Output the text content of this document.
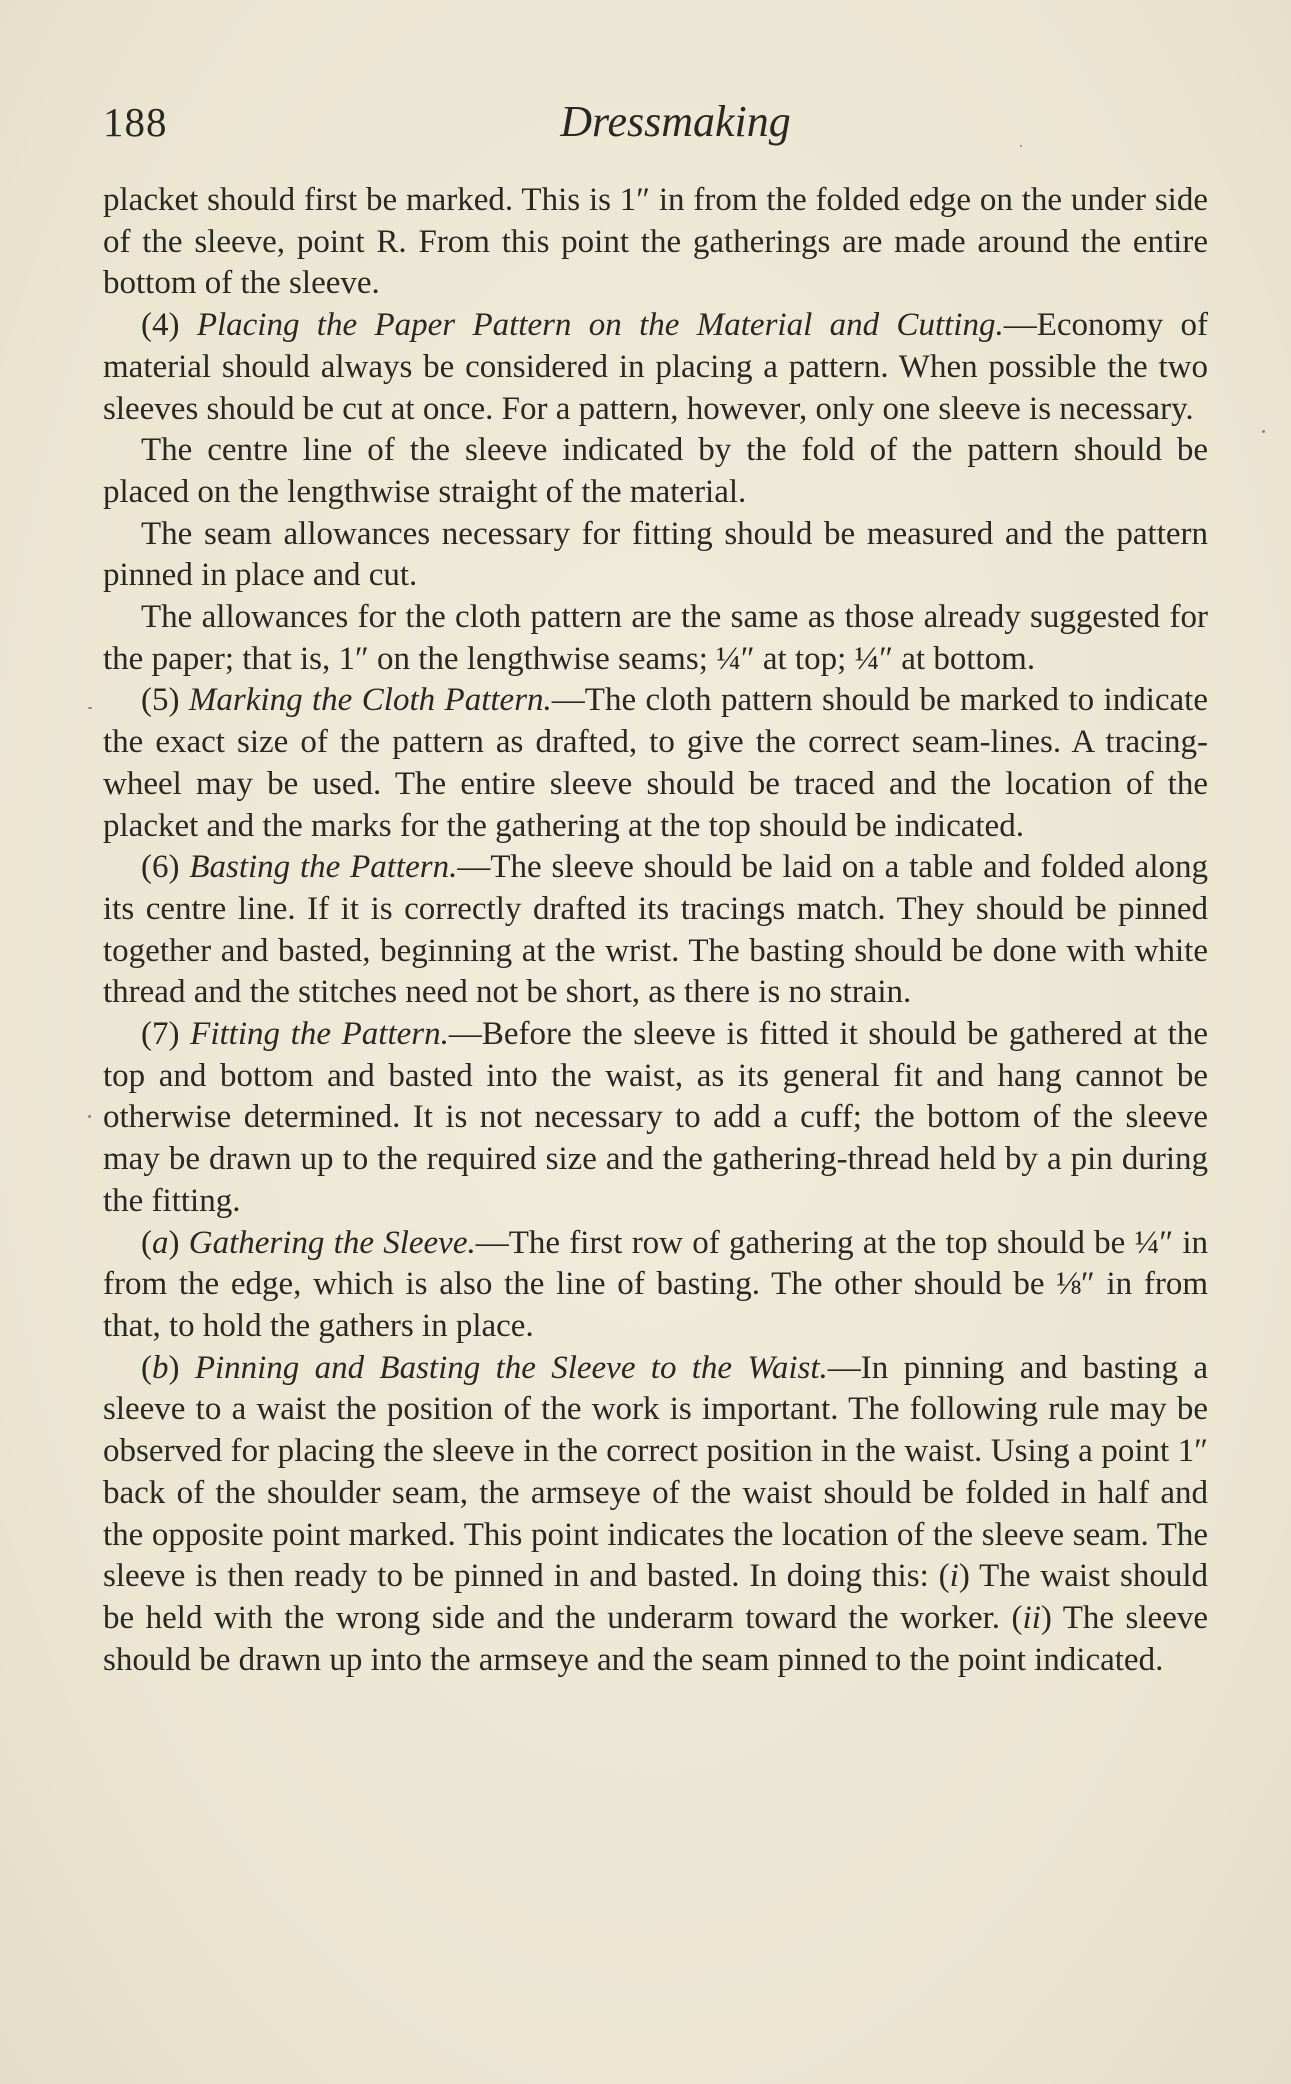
188	Dressmaking

placket should first be marked. This is 1″ in from the folded edge on the under side of the sleeve, point R. From this point the gatherings are made around the entire bottom of the sleeve.

(4) Placing the Paper Pattern on the Material and Cutting.—Economy of material should always be considered in placing a pattern. When possible the two sleeves should be cut at once. For a pattern, however, only one sleeve is necessary.

The centre line of the sleeve indicated by the fold of the pattern should be placed on the lengthwise straight of the material.

The seam allowances necessary for fitting should be measured and the pattern pinned in place and cut.

The allowances for the cloth pattern are the same as those already suggested for the paper; that is, 1″ on the lengthwise seams; ¼″ at top; ¼″ at bottom.

(5) Marking the Cloth Pattern.—The cloth pattern should be marked to indicate the exact size of the pattern as drafted, to give the correct seam-lines. A tracing-wheel may be used. The entire sleeve should be traced and the location of the placket and the marks for the gathering at the top should be indicated.

(6) Basting the Pattern.—The sleeve should be laid on a table and folded along its centre line. If it is correctly drafted its tracings match. They should be pinned together and basted, beginning at the wrist. The basting should be done with white thread and the stitches need not be short, as there is no strain.

(7) Fitting the Pattern.—Before the sleeve is fitted it should be gathered at the top and bottom and basted into the waist, as its general fit and hang cannot be otherwise determined. It is not necessary to add a cuff; the bottom of the sleeve may be drawn up to the required size and the gathering-thread held by a pin during the fitting.

(a) Gathering the Sleeve.—The first row of gathering at the top should be ¼″ in from the edge, which is also the line of basting. The other should be ⅛″ in from that, to hold the gathers in place.

(b) Pinning and Basting the Sleeve to the Waist.—In pinning and basting a sleeve to a waist the position of the work is important. The following rule may be observed for placing the sleeve in the correct position in the waist. Using a point 1″ back of the shoulder seam, the armseye of the waist should be folded in half and the opposite point marked. This point indicates the location of the sleeve seam. The sleeve is then ready to be pinned in and basted. In doing this: (i) The waist should be held with the wrong side and the underarm toward the worker. (ii) The sleeve should be drawn up into the armseye and the seam pinned to the point indicated.
